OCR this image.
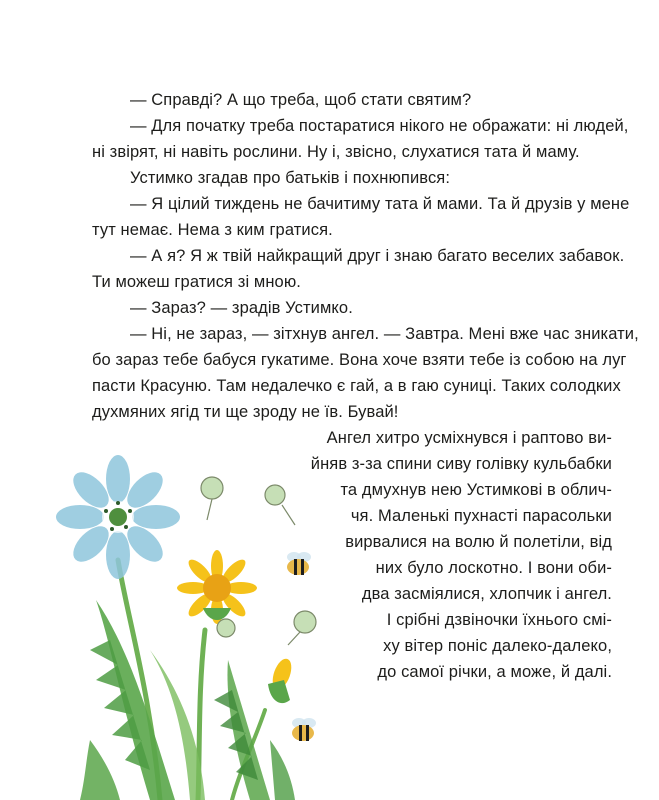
— Справді? А що треба, щоб стати святим?
— Для початку треба постаратися нікого не ображати: ні людей,
ні звірят, ні навіть рослини. Ну і, звісно, слухатися тата й маму.
Устимко згадав про батьків і похнюпився:
— Я цілий тиждень не бачитиму тата й мами. Та й друзів у мене
тут немає. Нема з ким гратися.
— А я? Я ж твій найкращий друг і знаю багато веселих забавок.
Ти можеш гратися зі мною.
— Зараз? — зрадів Устимко.
— Ні, не зараз, — зітхнув ангел. — Завтра. Мені вже час зникати,
бо зараз тебе бабуся гукатиме. Вона хоче взяти тебе із собою на луг
пасти Красуню. Там недалечко є гай, а в гаю суниці. Таких солодких
духмяних ягід ти ще зроду не їв. Бувай!
Ангел хитро усміхнувся і раптово ви-
йняв з-за спини сиву голівку кульбабки
та дмухнув нею Устимкові в облич-
чя. Маленькі пухнасті парасольки
вирвалися на волю й полетіли, від
них було лоскотно. І вони оби-
два засміялися, хлопчик і ангел.
І срібні дзвіночки їхнього смі-
ху вітер поніс далеко-далеко,
до самої річки, а може, й далі.
